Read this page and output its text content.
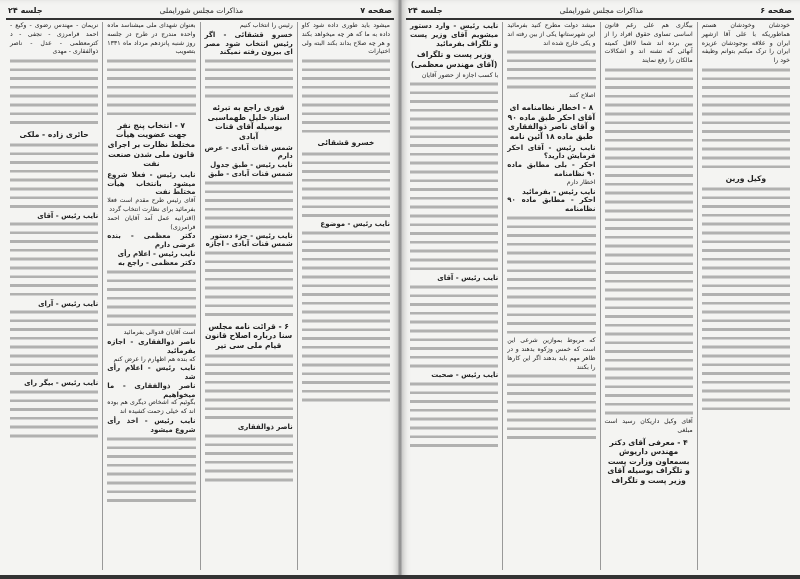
صفحه ۷
مذاکرات مجلس شورایملی
جلسه ۲۴
میشود باید طوری داده شود کاو داده به ما که هر چه میخواهد بکند و هر چه صلاح بداند بکند البته ولی اختیارات
خسرو قشقائی
نایب رئیس - موضوع
رئیس را انتخاب کنیم
خسرو قشقائی - اگر رئیس انتخاب شود مصر ای بیرون رفته نمیکند
فوری راجع به تبرئه استاد خلیل طهماسبی بوسیله آقای قنات آبادی
شمس قنات آبادی - عرض دارم
نایب رئیس - طبق جدول
شمس قنات آبادی - طبق
نایب رئیس - جزء دستور
شمس قنات آبادی - اجازه
۶ - قرائت نامه مجلس سنا درباره اصلاح قانون قیام ملی سی تیر
ناصر ذوالفقاری
بعنوان شهدای ملی میشناسد ماده واحده مندرج در طرح در جلسه روز شنبه پانزدهم مرداد ماه ۱۳۳۱ بتصویب
۷ - انتخاب پنج نفر جهت عضویت هیأت مختلط نظارت بر اجرای قانون ملی شدن صنعت نفت
نایب رئیس - فعلا شروع میشود بانتخاب هیأت مختلط نفت
آقای رئیس طرح مقدم است فعلا بفرمائید برای نظارت انتخاب گردد
(اقترانیه عمل آمد آقایان احمد فرامرزی)
دکتر معظمی - بنده عرضی دارم
نایب رئیس - اعلام رأی
دکتر معظمی - راجع به
است آقایان قدوالی بفرمائید
ناصر ذوالفقاری - اجازه بفرمائید
که بنده هم اظهارم را عرض کنم
نایب رئیس - اعلام رأی شد
ناصر ذوالفقاری - ما میخواهیم
بگوئیم که اشخاص دیگری هم بوده اند که خیلی زحمت کشیده اند
نایب رئیس - اخذ رأی شروع میشود
نریمان - مهندس رضوی - وکیع - احمد فرامرزی - نجفی - د کترمعظمی - عدل - ناصر ذوالفقاری - مهدی
حائری زاده - ملکی
نایب رئیس - آقای
نایب رئیس - آرای
نایب رئیس - بیگر رای
صفحه ۶
مذاکرات مجلس شورایملی
جلسه ۲۴
خودشان وخودشان هستم هماطوریکه با علی آقا ازشهر ایران و علاقه بوجودشان عزیزه ایران را ترک میکنم بتوانم وظیفه خود را
وکیل ورین
بیگاری هم علی رغم قانون اساسی تساوی حقوق افراد را از بین برده اند شما لااقل کمیته آنهائی که تشنه اند و اشکالات مالکان را رفع نمایند
آقای وکیل داریکان رسید است مبلغی
۴ - معرفی آقای دکتر مهندس داریوش بسمعاون وزارت پست و تلگراف بوسیله آقای وزیر پست و تلگراف
میشد دولت مطرح کنید بفرمائید این شهرستانها یکی از بین رفته اند و یکی خارج شده اند
اصلاح کنند
۸ - اخطار نظامنامه ای آقای احکر طبق ماده ۹۰ و آقای ناصر ذوالفقاری طبق ماده ۱۸ آئین نامه
نایب رئیس - آقای احکر فرمایش دارید؟
احکر - بلی مطابق ماده ۹۰ نظامنامه
اخطار دارم
نایب رئیس - بفرمائید
احکر - مطابق ماده ۹۰ نظامنامه
که مربوط بموازین شرعی این است که خمس وزکوه بدهند و در ظاهر مهم باید بدهند اگر این کارها را بکنند
نایب رئیس - وارد دستور میشویم آقای وزیر پست و تلگراف بفرمائید
وزیر پست و تلگراف (آقای مهندس معظمی)
با کسب اجازه از حضور آقایان
نایب رئیس - آقای
نایب رئیس - صحبت
